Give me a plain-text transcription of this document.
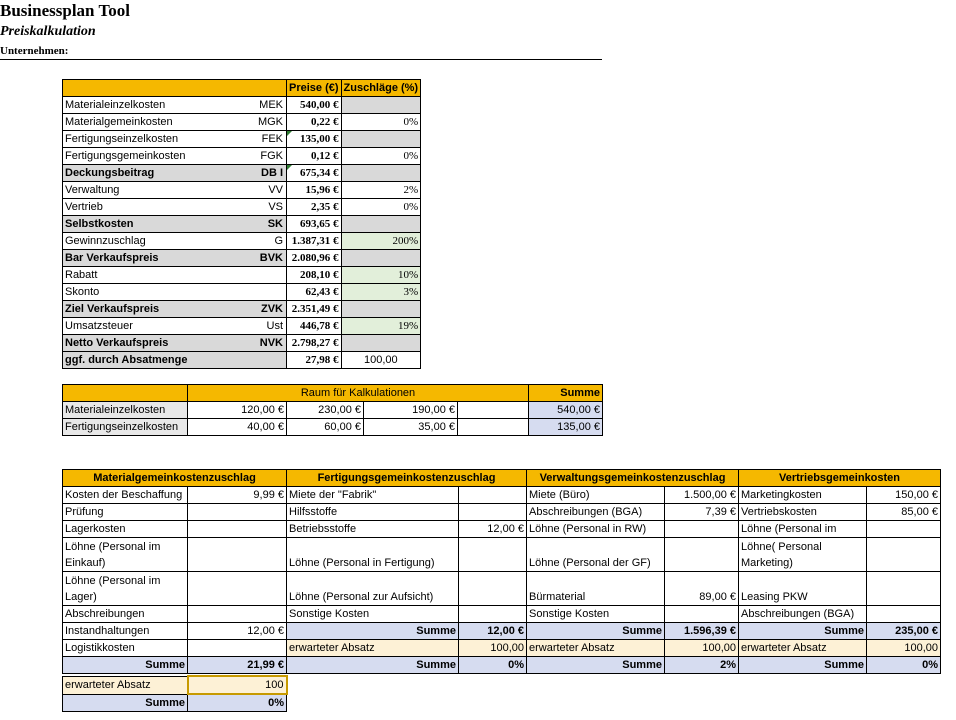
Businessplan Tool
Preiskalkulation
Unternehmen:
	Preise (€)	Zuschläge (%)
Materialeinzelkosten MEK	540,00 €	
Materialgemeinkosten MGK	0,22 €	0%
Fertigungseinzelkosten FEK	135,00 €	
Fertigungsgemeinkosten FGK	0,12 €	0%
Deckungsbeitrag DB I	675,34 €	
Verwaltung VV	15,96 €	2%
Vertrieb VS	2,35 €	0%
Selbstkosten SK	693,65 €	
Gewinnzuschlag G	1.387,31 €	200%
Bar Verkaufspreis BVK	2.080,96 €	
Rabatt	208,10 €	10%
Skonto	62,43 €	3%
Ziel Verkaufspreis ZVK	2.351,49 €	
Umsatzsteuer Ust	446,78 €	19%
Netto Verkaufspreis NVK	2.798,27 €	
ggf. durch Absatmenge	27,98 €	100,00
	Raum für Kalkulationen				Summe
Materialeinzelkosten	120,00 €	230,00 €	190,00 €		540,00 €
Fertigungseinzelkosten	40,00 €	60,00 €	35,00 €		135,00 €
Materialgemeinkostenzuschlag		Fertigungsgemeinkostenzuschlag		Verwaltungsgemeinkostenzuschlag		Vertriebsgemeinkosten	
Kosten der Beschaffung	9,99 €	Miete der "Fabrik"		Miete (Büro)	1.500,00 €	Marketingkosten	150,00 €
Prüfung		Hilfsstoffe		Abschreibungen (BGA)	7,39 €	Vertriebskosten	85,00 €
Lagerkosten		Betriebsstoffe	12,00 €	Löhne (Personal in RW)		Löhne (Personal im	
Löhne (Personal im Einkauf)		Löhne (Personal in Fertigung)		Löhne (Personal der GF)		Löhne( Personal Marketing)	
Löhne (Personal im Lager)		Löhne (Personal zur Aufsicht)		Bürmaterial	89,00 €	Leasing PKW	
Abschreibungen		Sonstige Kosten		Sonstige Kosten		Abschreibungen (BGA)	
Instandhaltungen	12,00 €	Summe	12,00 €	Summe	1.596,39 €	Summe	235,00 €
Logistikkosten		erwarteter Absatz	100,00	erwarteter Absatz	100,00	erwarteter Absatz	100,00
Summe	21,99 €	Summe	0%	Summe	2%	Summe	0%
erwarteter Absatz	100
Summe	0%
